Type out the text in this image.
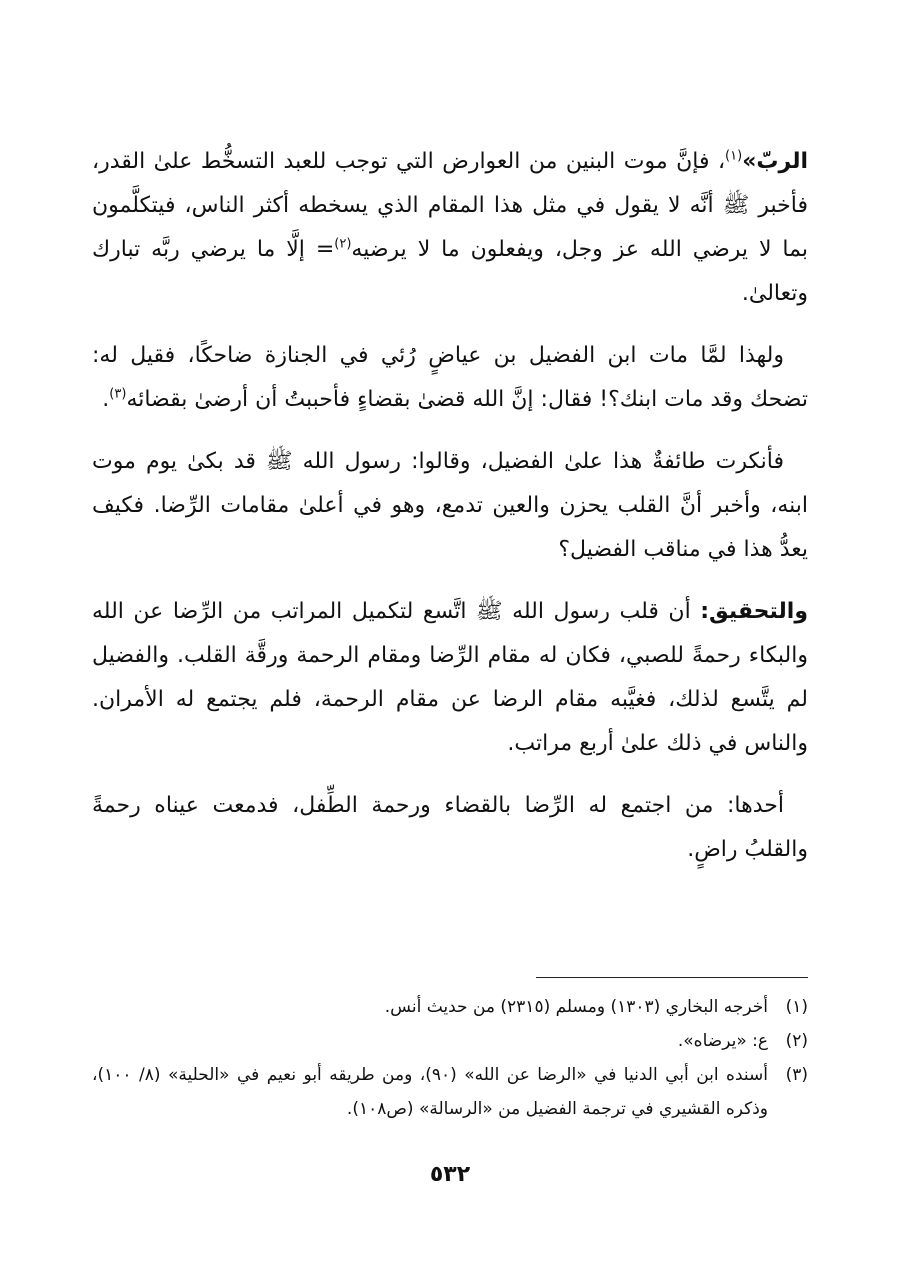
الربّ»$^{(١)}$، فإنَّ موت البنين من العوارض التي توجب للعبد التسخُّط علىٰ القدر، فأخبر ﷺ أنَّه لا يقول في مثل هذا المقام الذي يسخطه أكثر الناس، فيتكلَّمون بما لا يرضي الله عز وجل، ويفعلون ما لا يرضيه$^{(٢)}$= إلَّا ما يرضي ربَّه تبارك وتعالىٰ.

ولهذا لمَّا مات ابن الفضيل بن عياضٍ رُئي في الجنازة ضاحكًا، فقيل له: تضحك وقد مات ابنك؟! فقال: إنَّ الله قضىٰ بقضاءٍ فأحببتُ أن أرضىٰ بقضائه$^{(٣)}$.

فأنكرت طائفةٌ هذا علىٰ الفضيل، وقالوا: رسول الله ﷺ قد بكىٰ يوم موت ابنه، وأخبر أنَّ القلب يحزن والعين تدمع، وهو في أعلىٰ مقامات الرِّضا. فكيف يعدُّ هذا في مناقب الفضيل؟

والتحقيق: أن قلب رسول الله ﷺ اتَّسع لتكميل المراتب من الرِّضا عن الله والبكاء رحمةً للصبي، فكان له مقام الرِّضا ومقام الرحمة ورقَّة القلب. والفضيل لم يتَّسع لذلك، فغيَّبه مقام الرضا عن مقام الرحمة، فلم يجتمع له الأمران. والناس في ذلك علىٰ أربع مراتب.

أحدها: من اجتمع له الرِّضا بالقضاء ورحمة الطِّفل، فدمعت عيناه رحمةً والقلبُ راضٍ.

(١)
أخرجه البخاري (١٣٠٣) ومسلم (٢٣١٥) من حديث أنس.
(٢)
ع: «يرضاه».
(٣)
أسنده ابن أبي الدنيا في «الرضا عن الله» (٩٠)، ومن طريقه أبو نعيم في «الحلية» (٨/ ١٠٠)، وذكره القشيري في ترجمة الفضيل من «الرسالة» (ص١٠٨).
٥٣٢
